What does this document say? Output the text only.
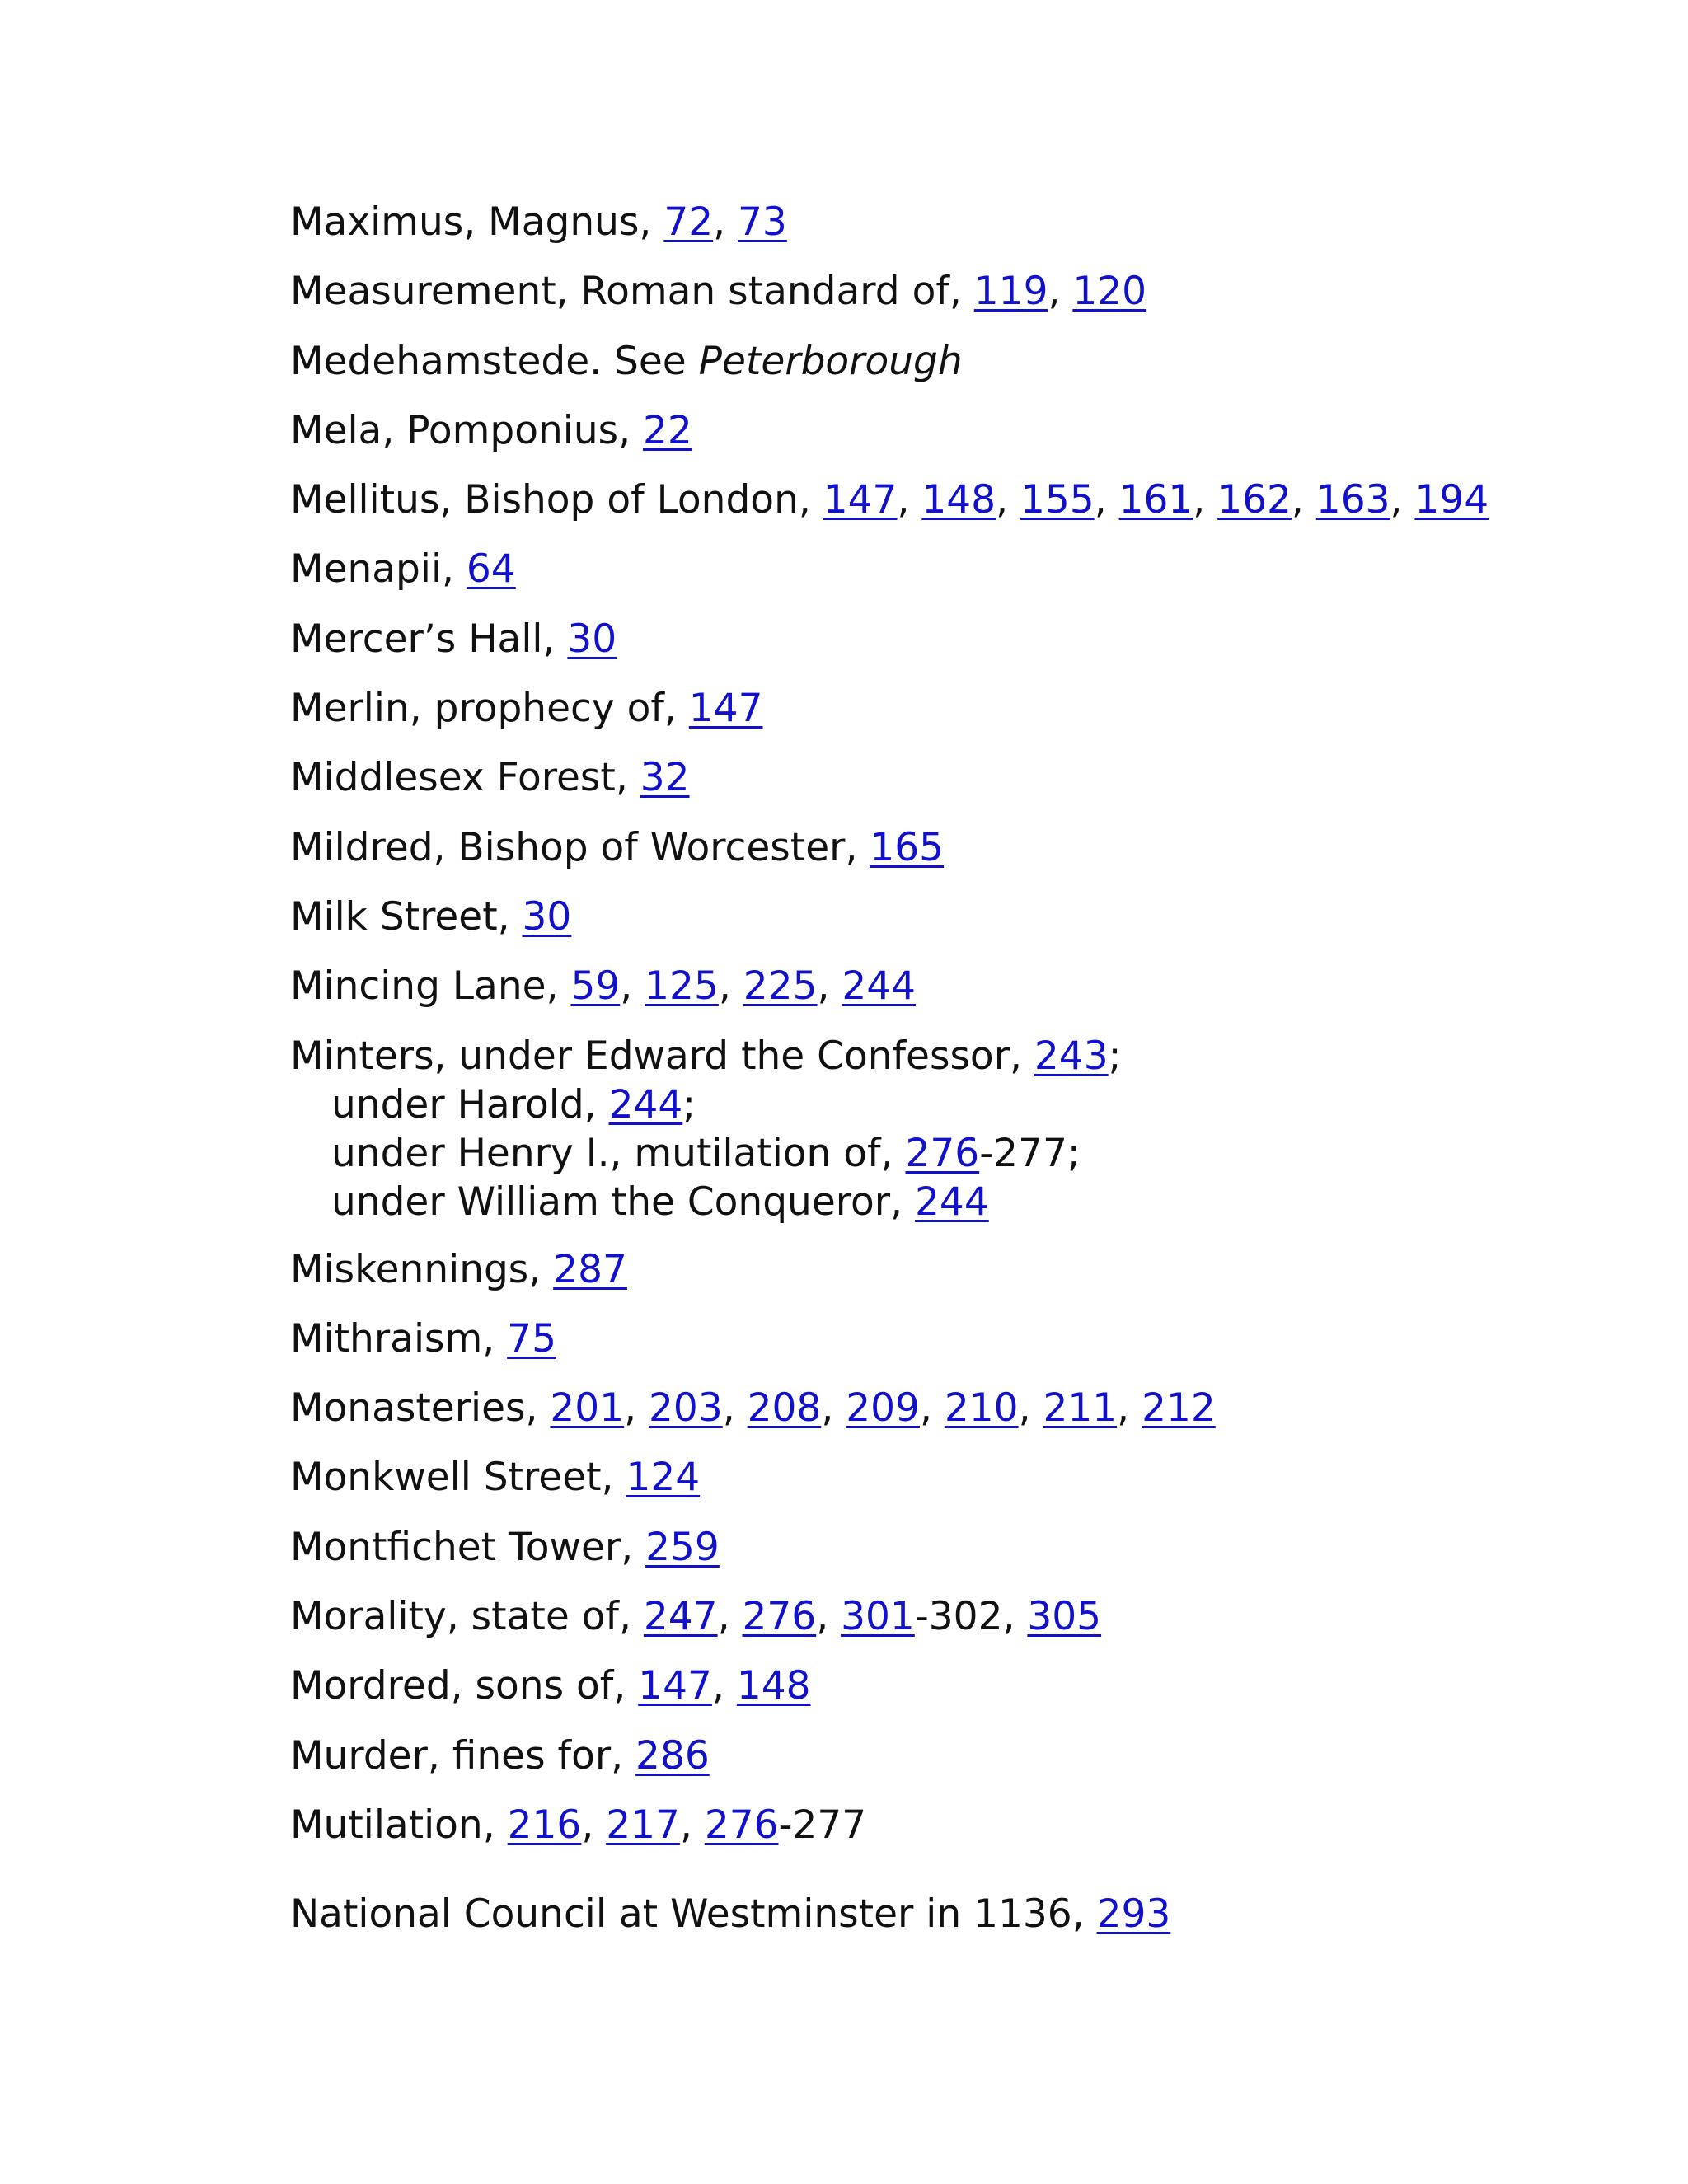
Maximus, Magnus, 72, 73
Measurement, Roman standard of, 119, 120
Medehamstede. See Peterborough
Mela, Pomponius, 22
Mellitus, Bishop of London, 147, 148, 155, 161, 162, 163, 194
Menapii, 64
Mercer’s Hall, 30
Merlin, prophecy of, 147
Middlesex Forest, 32
Mildred, Bishop of Worcester, 165
Milk Street, 30
Mincing Lane, 59, 125, 225, 244
Minters, under Edward the Confessor, 243;
under Harold, 244;
under Henry I., mutilation of, 276-277;
under William the Conqueror, 244
Miskennings, 287
Mithraism, 75
Monasteries, 201, 203, 208, 209, 210, 211, 212
Monkwell Street, 124
Montfichet Tower, 259
Morality, state of, 247, 276, 301-302, 305
Mordred, sons of, 147, 148
Murder, fines for, 286
Mutilation, 216, 217, 276-277
National Council at Westminster in 1136, 293
